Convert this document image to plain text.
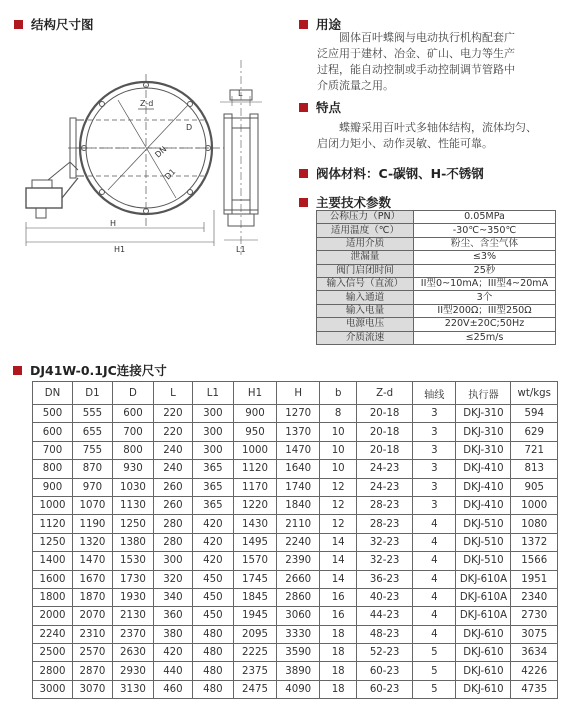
结构尺寸图	用途
圆体百叶蝶阀与电动执行机构配套广
泛应用于建材、冶金、矿山、电力等生产
过程，能自动控制或手动控制调节管路中
介质流量之用。
特点
蝶瓣采用百叶式多轴体结构，流体均匀、
启闭力矩小、动作灵敏、性能可靠。
阀体材料：C-碳钢、H-不锈钢
主要技术参数
Z-d
DN
D1
D
H
H1
L
L1
公称压力（PN）	0.05MPa
适用温度（℃）	-30℃~350℃
适用介质	粉尘、含尘气体
泄漏量	≤3%
阀门启闭时间	25秒
输入信号（直流）	II型0~10mA；III型4~20mA
输入通道	3个
输入电量	II型200Ω；III型250Ω
电源电压	220V±20C;50Hz
介质流速	≤25m/s
DJ41W-0.1JC连接尺寸
DN	D1	D	L	L1	H1	H	b	Z-d	轴线	执行器	wt/kgs
500	555	600	220	300	900	1270	8	20-18	3	DKJ-310	594
600	655	700	220	300	950	1370	10	20-18	3	DKJ-310	629
700	755	800	240	300	1000	1470	10	20-18	3	DKJ-310	721
800	870	930	240	365	1120	1640	10	24-23	3	DKJ-410	813
900	970	1030	260	365	1170	1740	12	24-23	3	DKJ-410	905
1000	1070	1130	260	365	1220	1840	12	28-23	3	DKJ-410	1000
1120	1190	1250	280	420	1430	2110	12	28-23	4	DKJ-510	1080
1250	1320	1380	280	420	1495	2240	14	32-23	4	DKJ-510	1372
1400	1470	1530	300	420	1570	2390	14	32-23	4	DKJ-510	1566
1600	1670	1730	320	450	1745	2660	14	36-23	4	DKJ-610A	1951
1800	1870	1930	340	450	1845	2860	16	40-23	4	DKJ-610A	2340
2000	2070	2130	360	450	1945	3060	16	44-23	4	DKJ-610A	2730
2240	2310	2370	380	480	2095	3330	18	48-23	4	DKJ-610	3075
2500	2570	2630	420	480	2225	3590	18	52-23	5	DKJ-610	3634
2800	2870	2930	440	480	2375	3890	18	60-23	5	DKJ-610	4226
3000	3070	3130	460	480	2475	4090	18	60-23	5	DKJ-610	4735
